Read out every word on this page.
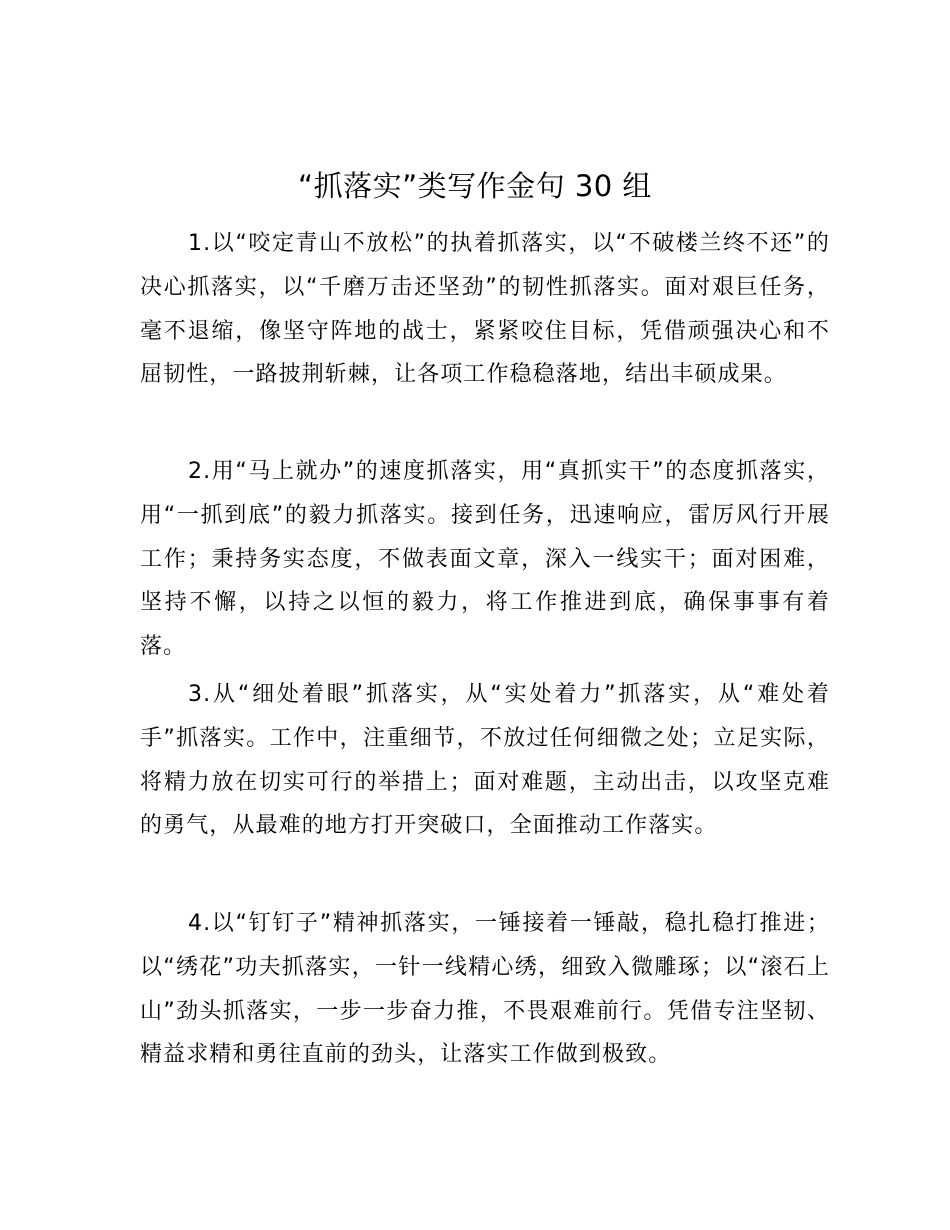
“抓落实”类写作金句 30 组

1.以“咬定青山不放松”的执着抓落实，以“不破楼兰终不还”的决心抓落实，以“千磨万击还坚劲”的韧性抓落实。面对艰巨任务，毫不退缩，像坚守阵地的战士，紧紧咬住目标，凭借顽强决心和不屈韧性，一路披荆斩棘，让各项工作稳稳落地，结出丰硕成果。

2.用“马上就办”的速度抓落实，用“真抓实干”的态度抓落实，用“一抓到底”的毅力抓落实。接到任务，迅速响应，雷厉风行开展工作；秉持务实态度，不做表面文章，深入一线实干；面对困难，坚持不懈，以持之以恒的毅力，将工作推进到底，确保事事有着落。

3.从“细处着眼”抓落实，从“实处着力”抓落实，从“难处着手”抓落实。工作中，注重细节，不放过任何细微之处；立足实际，将精力放在切实可行的举措上；面对难题，主动出击，以攻坚克难的勇气，从最难的地方打开突破口，全面推动工作落实。

4.以“钉钉子”精神抓落实，一锤接着一锤敲，稳扎稳打推进；以“绣花”功夫抓落实，一针一线精心绣，细致入微雕琢；以“滚石上山”劲头抓落实，一步一步奋力推，不畏艰难前行。凭借专注坚韧、精益求精和勇往直前的劲头，让落实工作做到极致。
